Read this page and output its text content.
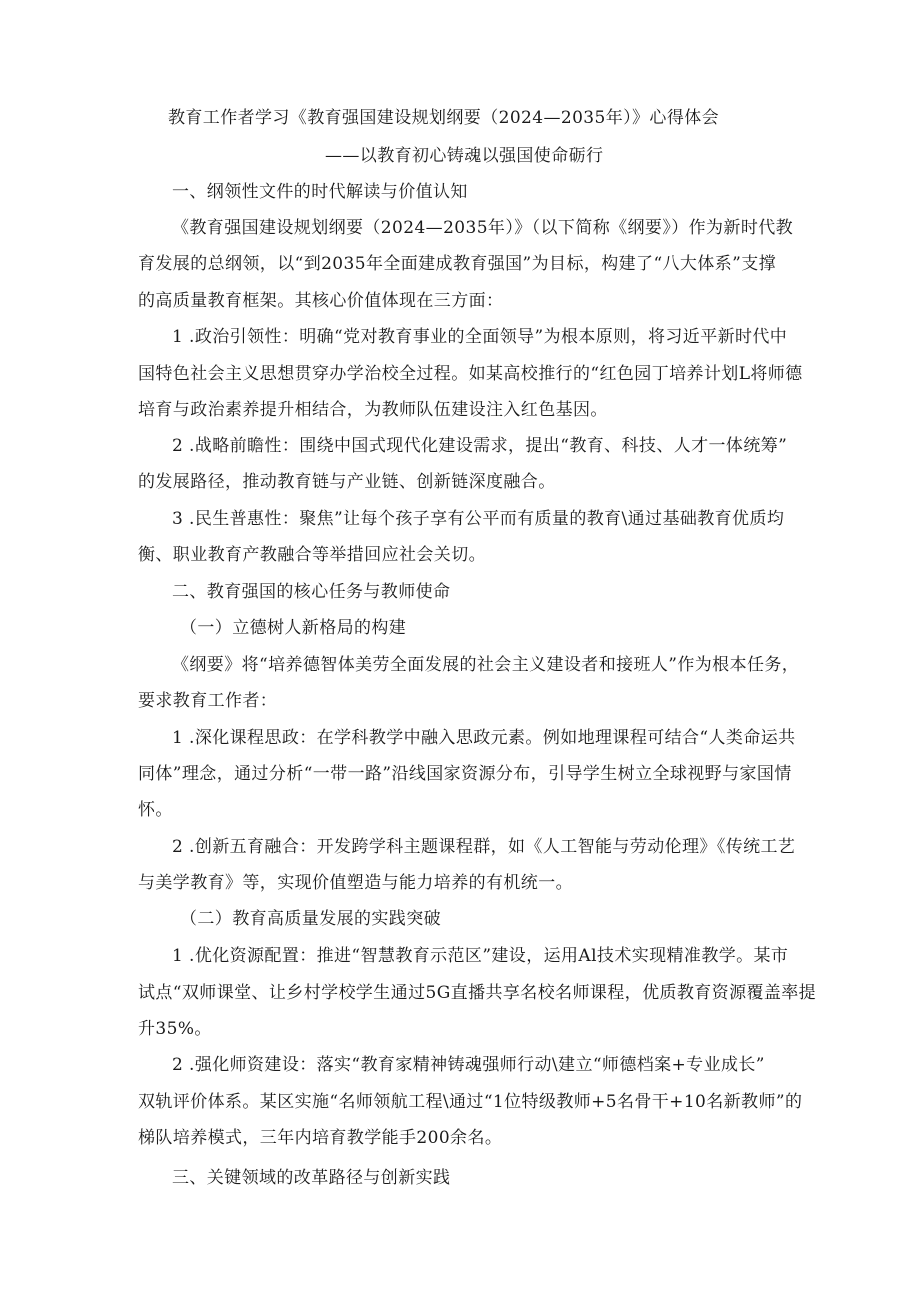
教育工作者学习《教育强国建设规划纲要（2024—2035年）》心得体会
——以教育初心铸魂以强国使命砺行
一、纲领性文件的时代解读与价值认知
《教育强国建设规划纲要（2024—2035年）》（以下简称《纲要》）作为新时代教
育发展的总纲领，以“到2035年全面建成教育强国”为目标，构建了“八大体系”支撑
的高质量教育框架。其核心价值体现在三方面：
1 .政治引领性：明确“党对教育事业的全面领导”为根本原则，将习近平新时代中
国特色社会主义思想贯穿办学治校全过程。如某高校推行的“红色园丁培养计划L将师德
培育与政治素养提升相结合，为教师队伍建设注入红色基因。
2 .战略前瞻性：围绕中国式现代化建设需求，提出“教育、科技、人才一体统筹”
的发展路径，推动教育链与产业链、创新链深度融合。
3 .民生普惠性：聚焦”让每个孩子享有公平而有质量的教育\通过基础教育优质均
衡、职业教育产教融合等举措回应社会关切。
二、教育强国的核心任务与教师使命
（一）立德树人新格局的构建
《纲要》将“培养德智体美劳全面发展的社会主义建设者和接班人”作为根本任务，
要求教育工作者：
1 .深化课程思政：在学科教学中融入思政元素。例如地理课程可结合“人类命运共
同体”理念，通过分析“一带一路”沿线国家资源分布，引导学生树立全球视野与家国情
怀。
2 .创新五育融合：开发跨学科主题课程群，如《人工智能与劳动伦理》《传统工艺
与美学教育》等，实现价值塑造与能力培养的有机统一。
（二）教育高质量发展的实践突破
1 .优化资源配置：推进“智慧教育示范区”建设，运用Al技术实现精准教学。某市
试点“双师课堂、让乡村学校学生通过5G直播共享名校名师课程，优质教育资源覆盖率提
升35%。
2 .强化师资建设：落实“教育家精神铸魂强师行动\建立“师德档案+专业成长”
双轨评价体系。某区实施“名师领航工程\通过“1位特级教师+5名骨干+10名新教师”的
梯队培养模式，三年内培育教学能手200余名。
三、关键领域的改革路径与创新实践
